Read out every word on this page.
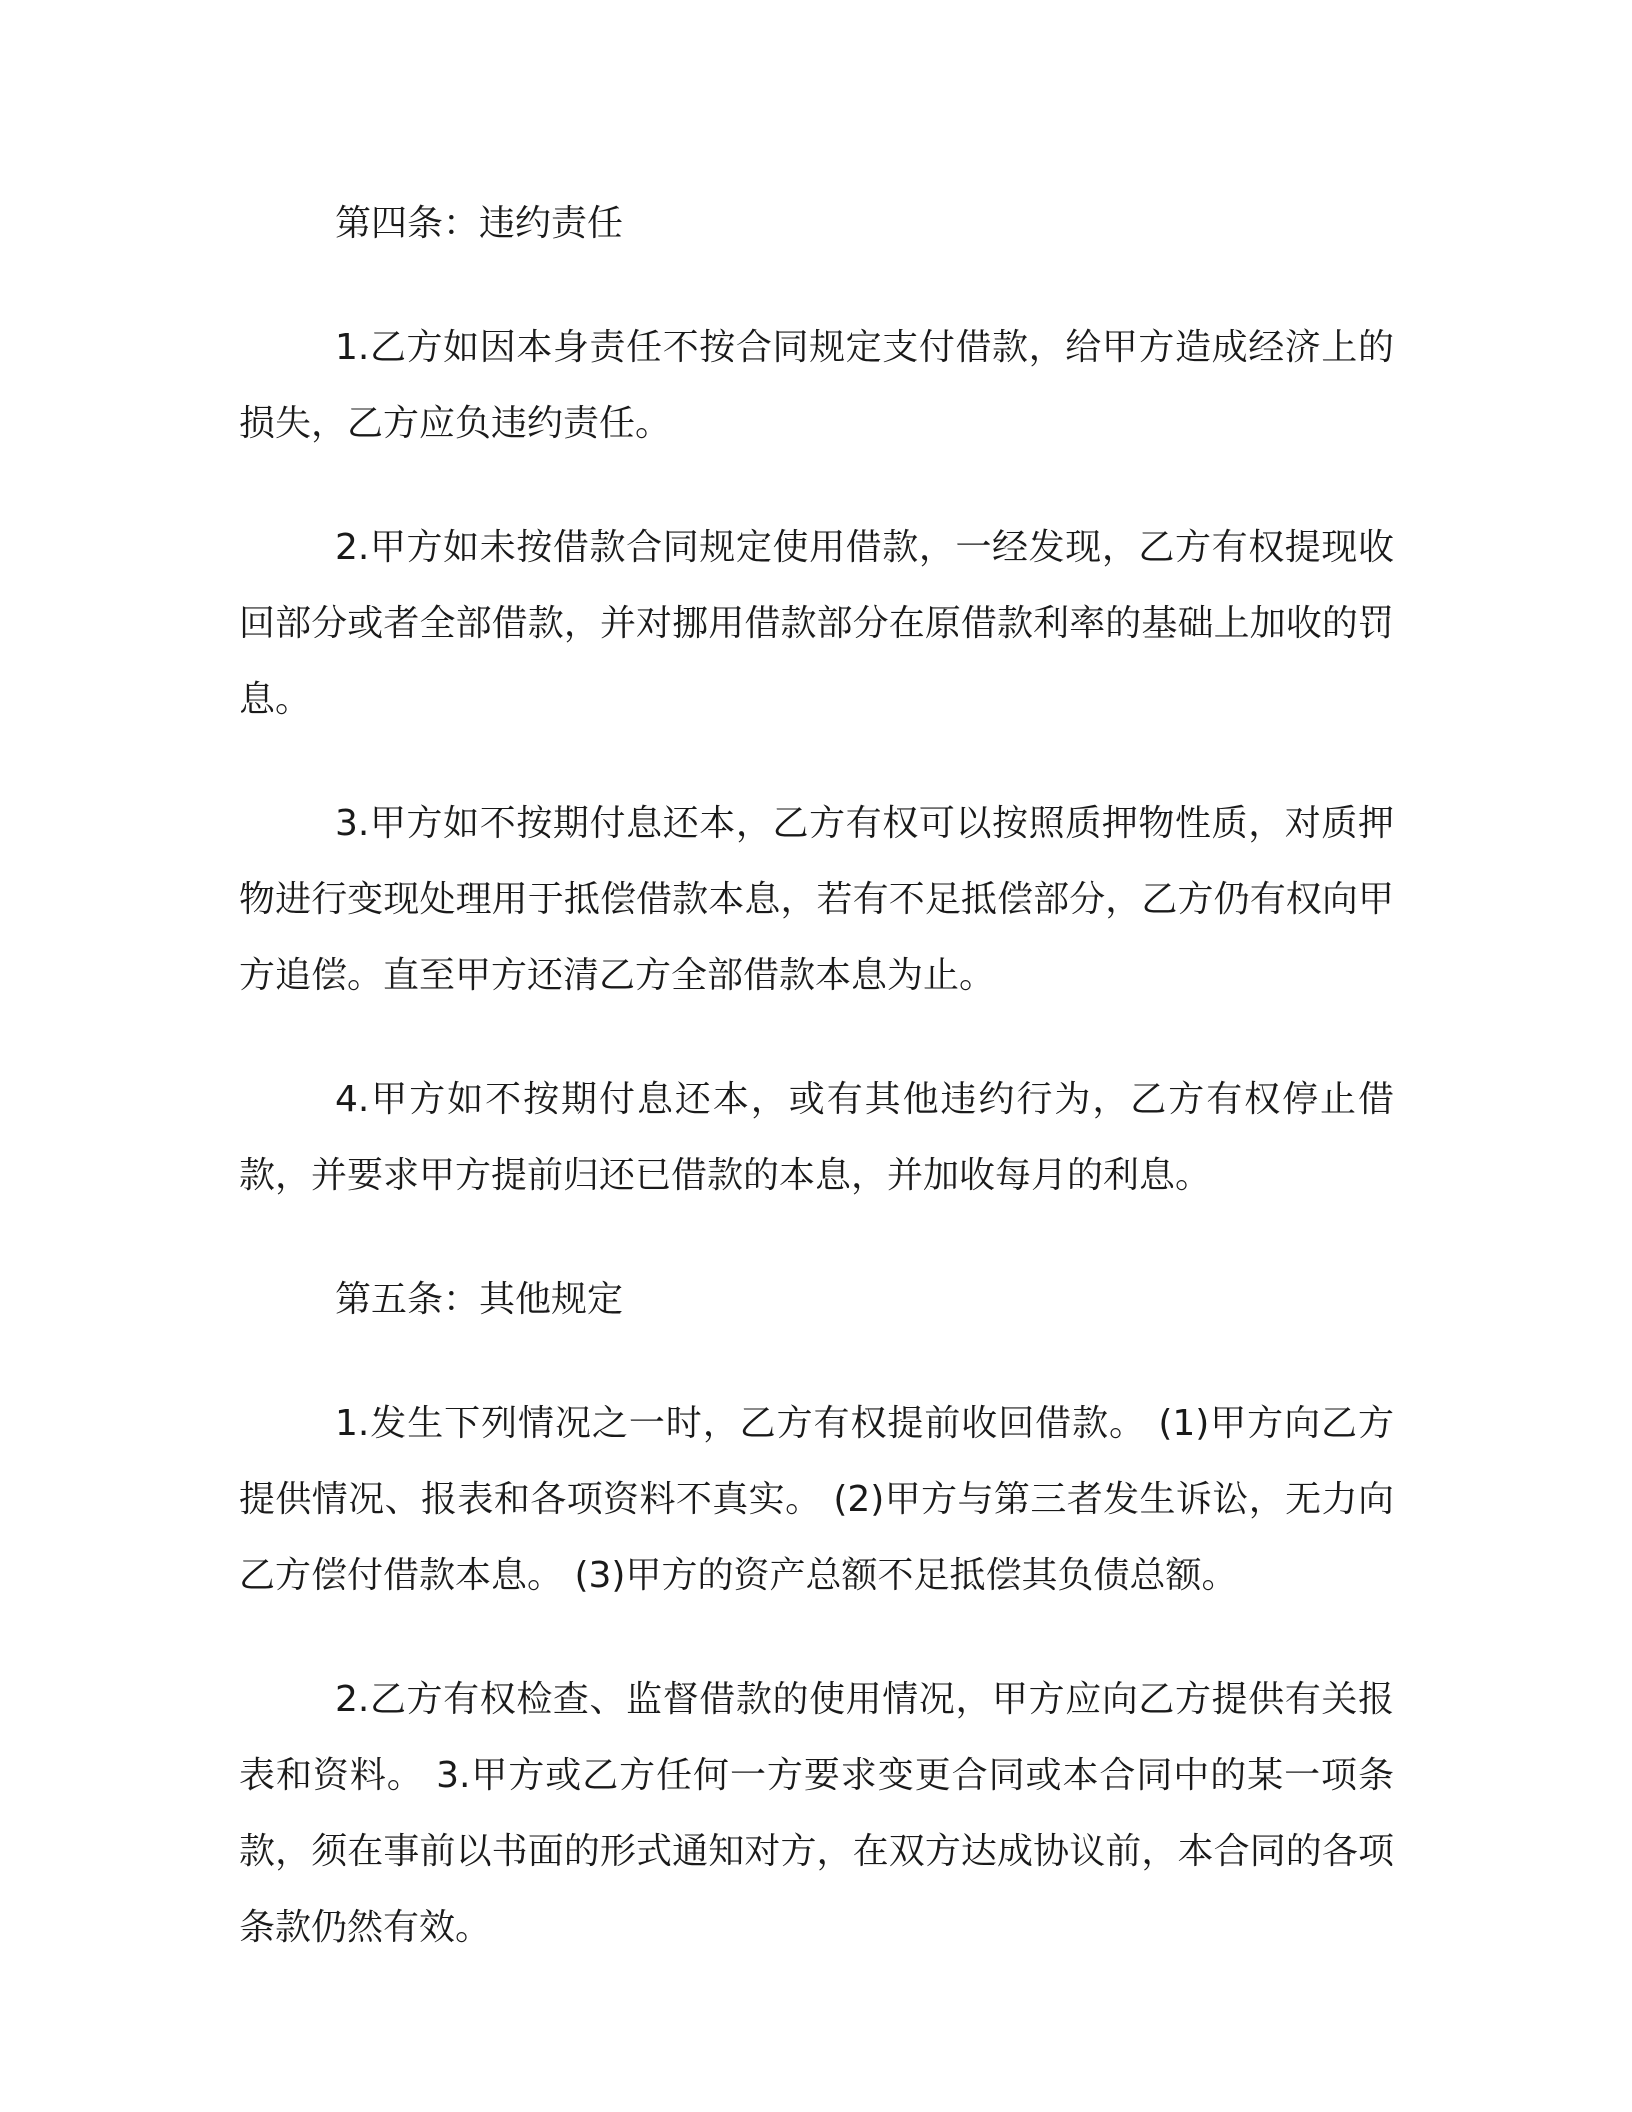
第四条：违约责任

1.乙方如因本身责任不按合同规定支付借款，给甲方造成经济上的损失，乙方应负违约责任。

2.甲方如未按借款合同规定使用借款，一经发现，乙方有权提现收回部分或者全部借款，并对挪用借款部分在原借款利率的基础上加收的罚息。

3.甲方如不按期付息还本，乙方有权可以按照质押物性质，对质押物进行变现处理用于抵偿借款本息，若有不足抵偿部分，乙方仍有权向甲方追偿。直至甲方还清乙方全部借款本息为止。

4.甲方如不按期付息还本，或有其他违约行为，乙方有权停止借款，并要求甲方提前归还已借款的本息，并加收每月的利息。

第五条：其他规定

1.发生下列情况之一时，乙方有权提前收回借款。 (1)甲方向乙方提供情况、报表和各项资料不真实。 (2)甲方与第三者发生诉讼，无力向乙方偿付借款本息。 (3)甲方的资产总额不足抵偿其负债总额。

2.乙方有权检查、监督借款的使用情况，甲方应向乙方提供有关报表和资料。 3.甲方或乙方任何一方要求变更合同或本合同中的某一项条款，须在事前以书面的形式通知对方，在双方达成协议前，本合同的各项条款仍然有效。
